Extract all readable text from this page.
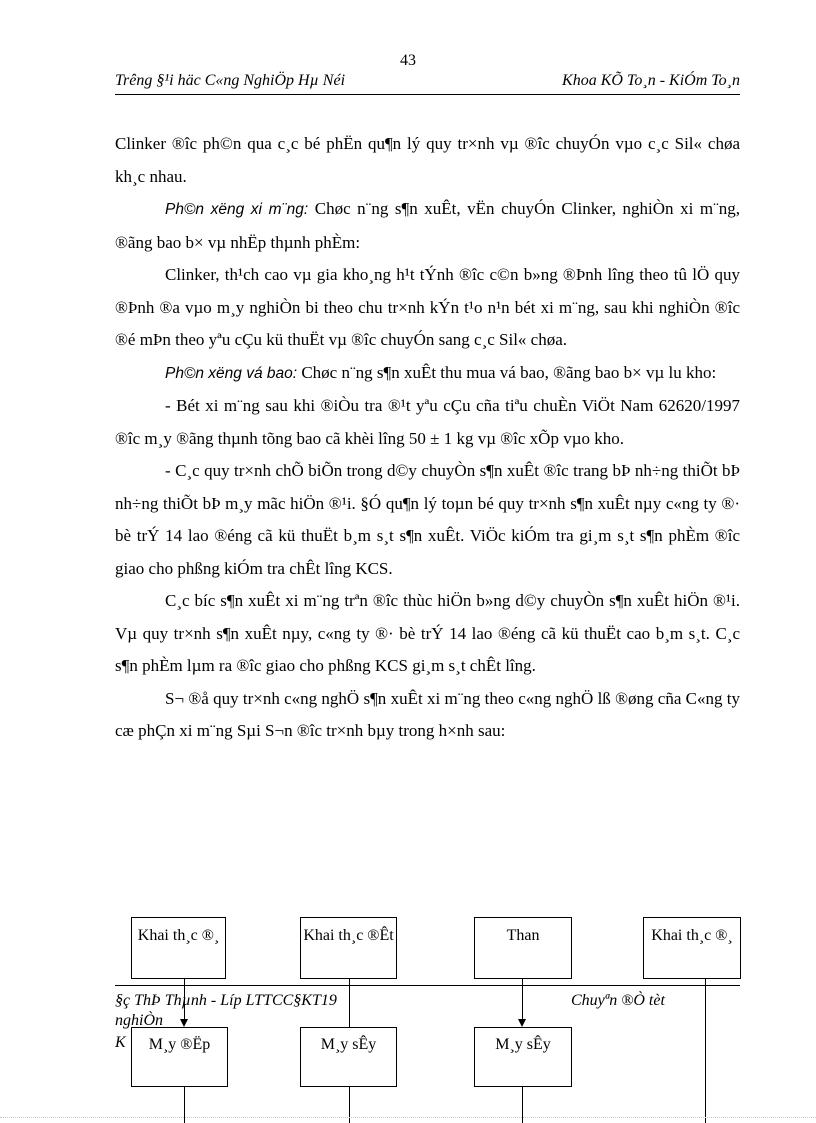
43
Trêng §¹i häc C«ng NghiÖp Hµ Néi	Khoa KÕ To¸n - KiÓm To¸n

Clinker ®îc ph©n qua c¸c bé phËn qu¶n lý quy tr×nh vµ ®îc chuyÓn vµo c¸c Sil« chøa kh¸c nhau.

Ph©n xëng xi m¨ng: Chøc n¨ng s¶n xuÊt, vËn chuyÓn Clinker, nghiÒn xi m¨ng, ®ãng bao b× vµ nhËp thµnh phÈm:

Clinker, th¹ch cao vµ gia kho¸ng h¹t tÝnh ®îc c©n b»ng ®Þnh lîng theo tû lÖ quy ®Þnh ®a vµo m¸y nghiÒn bi theo chu tr×nh kÝn t¹o n¹n bét xi m¨ng, sau khi nghiÒn ®îc ®é mÞn theo yªu cÇu kü thuËt vµ ®îc chuyÓn sang c¸c Sil« chøa.

Ph©n xëng vá bao: Chøc n¨ng s¶n xuÊt thu mua vá bao, ®ãng bao b× vµ lu kho:

- Bét xi m¨ng sau khi ®iÒu tra ®¹t yªu cÇu cña tiªu chuÈn ViÖt Nam 62620/1997 ®îc m¸y ®ãng thµnh tõng bao cã khèi lîng 50 ± 1 kg vµ ®îc xÕp vµo kho.

- C¸c quy tr×nh chÕ biÕn trong d©y chuyÒn s¶n xuÊt ®îc trang bÞ nh÷ng thiÕt bÞ nh÷ng thiÕt bÞ m¸y mãc hiÖn ®¹i. §Ó qu¶n lý toµn bé quy tr×nh s¶n xuÊt nµy c«ng ty ®· bè trÝ 14 lao ®éng cã kü thuËt b¸m s¸t s¶n xuÊt. ViÖc kiÓm tra gi¸m s¸t s¶n phÈm ®îc giao cho phßng kiÓm tra chÊt lîng KCS.

C¸c bíc s¶n xuÊt xi m¨ng trªn ®îc thùc hiÖn b»ng d©y chuyÒn s¶n xuÊt hiÖn ®¹i. Vµ quy tr×nh s¶n xuÊt nµy, c«ng ty ®· bè trÝ 14 lao ®éng cã kü thuËt cao b¸m s¸t. C¸c s¶n phÈm lµm ra ®îc giao cho phßng KCS gi¸m s¸t chÊt lîng.

S¬ ®å quy tr×nh c«ng nghÖ s¶n xuÊt xi m¨ng theo c«ng nghÖ lß ®øng cña C«ng ty cæ phÇn xi m¨ng Sµi S¬n ®îc tr×nh bµy trong h×nh sau:

Khai th¸c ®¸	Khai th¸c ®Êt	Than	Khai th¸c ®¸
M¸y ®Ëp	M¸y sÊy	M¸y sÊy
§ç ThÞ Thµnh - Líp LTTCC§KT19	Chuyªn ®Ò tèt
nghiÒn
K
